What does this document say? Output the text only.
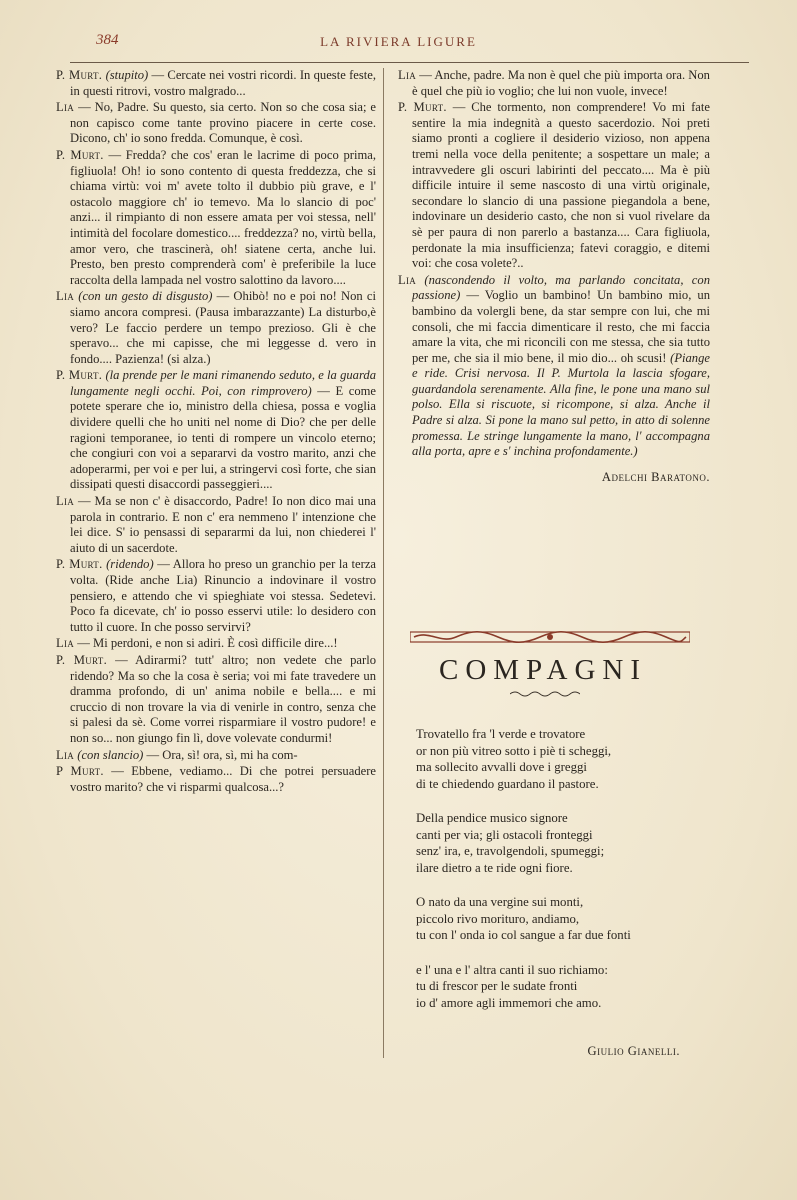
384	LA RIVIERA LIGURE
P. Murt. (stupito) — Cercate nei vostri ricordi. In queste feste, in questi ritrovi, vostro malgrado...
Lia — No, Padre. Su questo, sia certo. Non so che cosa sia; e non capisco come tante provino piacere in certe cose. Dicono, ch' io sono fredda. Comunque, è così.
P. Murt. — Fredda? che cos' eran le lacrime di poco prima, figliuola! Oh! io sono contento di questa freddezza, che si chiama virtù: voi m' avete tolto il dubbio più grave, e l' ostacolo maggiore ch' io temevo. Ma lo slancio di poc' anzi... il rimpianto di non essere amata per voi stessa, nell' intimità del focolare domestico.... freddezza? no, virtù bella, amor vero, che trascinerà, oh! siatene certa, anche lui. Presto, ben presto comprenderà com' è preferibile la luce raccolta della lampada nel vostro salottino da lavoro....
Lia (con un gesto di disgusto) — Ohibò! no e poi no! Non ci siamo ancora compresi. (Pausa imbarazzante) La disturbo,è vero? Le faccio perdere un tempo prezioso. Gli è che speravo... che mi capisse, che mi leggesse d. vero in fondo.... Pazienza! (si alza.)
P. Murt. (la prende per le mani rimanendo seduto, e la guarda lungamente negli occhi. Poi, con rimprovero) — E come potete sperare che io, ministro della chiesa, possa e voglia dividere quelli che ho uniti nel nome di Dio? che per delle ragioni temporanee, io tenti di rompere un vincolo eterno; che congiuri con voi a separarvi da vostro marito, anzi che adoperarmi, per voi e per lui, a stringervi così forte, che sian dissipati questi disaccordi passeggieri....
Lia — Ma se non c' è disaccordo, Padre! Io non dico mai una parola in contrario. E non c' era nemmeno l' intenzione che lei dice. S' io pensassi di separarmi da lui, non chiederei l' aiuto di un sacerdote.
P. Murt. (ridendo) — Allora ho preso un granchio per la terza volta. (Ride anche Lia) Rinuncio a indovinare il vostro pensiero, e attendo che vi spieghiate voi stessa. Sedetevi. Poco fa dicevate, ch' io posso esservi utile: lo desidero con tutto il cuore. In che posso servirvi?
Lia — Mi perdoni, e non si adiri. È così difficile dire...!
P. Murt. — Adirarmi? tutt' altro; non vedete che parlo ridendo? Ma so che la cosa è seria; voi mi fate travedere un dramma profondo, di un' anima nobile e bella.... e mi cruccio di non trovare la via di venirle in contro, senza che si palesi da sè. Come vorrei risparmiare il vostro pudore! e non so... non giungo fin lì, dove volevate condurmi!
Lia (con slancio) — Ora, sì! ora, sì, mi ha com-
P Murt. — Ebbene, vediamo... Di che potrei persuadere vostro marito? che vi risparmi qualcosa...?
Lia — Anche, padre. Ma non è quel che più importa ora. Non è quel che più io voglio; che lui non vuole, invece!
P. Murt. — Che tormento, non comprendere! Vo mi fate sentire la mia indegnità a questo sacerdozio. Noi preti siamo pronti a cogliere il desiderio vizioso, non appena tremi nella voce della penitente; a sospettare un male; a intravvedere gli oscuri labirinti del peccato.... Ma è più difficile intuire il seme nascosto di una virtù originale, secondare lo slancio di una passione piegandola a bene, indovinare un desiderio casto, che non si vuol rivelare da sè per paura di non parerlo a bastanza.... Cara figliuola, perdonate la mia insufficienza; fatevi coraggio, e ditemi voi: che cosa volete?..
Lia (nascondendo il volto, ma parlando concitata, con passione) — Voglio un bambino! Un bambino mio, un bambino da volergli bene, da star sempre con lui, che mi consoli, che mi faccia dimenticare il resto, che mi faccia amare la vita, che mi riconcili con me stessa, che sia tutto per me, che sia il mio bene, il mio dio... oh scusi! (Piange e ride. Crisi nervosa. Il P. Murtola la lascia sfogare, guardandola serenamente. Alla fine, le pone una mano sul polso. Ella si riscuote, si ricompone, si alza. Anche il Padre si alza. Si pone la mano sul petto, in atto di solenne promessa. Le stringe lungamente la mano, l' accompagna alla porta, apre e s' inchina profondamente.)
Adelchi Baratono.
COMPAGNI
Trovatello fra 'l verde e trovatore
or non più vitreo sotto i piè ti scheggi,
ma sollecito avvalli dove i greggi
di te chiedendo guardano il pastore.
Della pendice musico signore
canti per via; gli ostacoli fronteggi
senz' ira, e, travolgendoli, spumeggi;
ilare dietro a te ride ogni fiore.
O nato da una vergine sui monti,
piccolo rivo morituro, andiamo,
tu con l' onda io col sangue a far due fonti
e l' una e l' altra canti il suo richiamo:
tu di frescor per le sudate fronti
io d' amore agli immemori che amo.
Giulio Gianelli.
